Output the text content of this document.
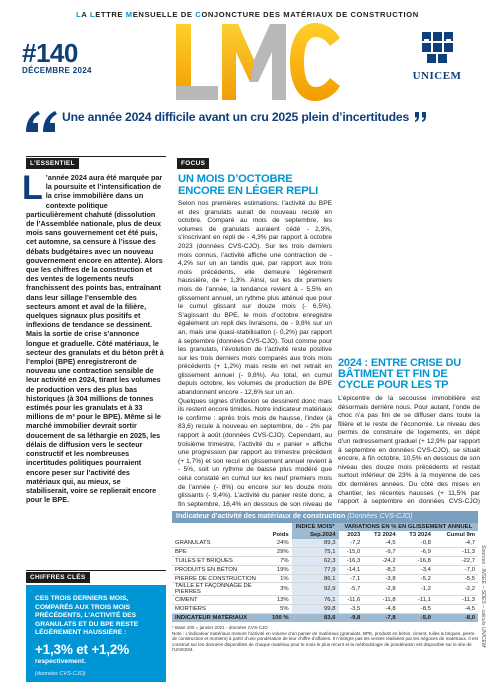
LA LETTRE MENSUELLE DE CONJONCTURE DES MATÉRIAUX DE CONSTRUCTION
#140
DÉCEMBRE 2024
LMC
UNICEM
Une année 2024 difficile avant un cru 2025 plein d’incertitudes
L’ESSENTIEL
L ’année 2024 aura été marquée par la poursuite et l’intensification de la crise immobilière dans un contexte politique particulièrement chahuté (dissolution de l’Assemblée nationale, plus de deux mois sans gouvernement cet été puis, cet automne, sa censure à l’issue des débats budgétaires avec un nouveau gouvernement encore en attente). Alors que les chiffres de la construction et des ventes de logements neufs franchissent des points bas, entraînant dans leur sillage l’ensemble des secteurs amont et aval de la filière, quelques signaux plus positifs et inflexions de tendance se dessinent. Mais la sortie de crise s’annonce longue et graduelle. Côté matériaux, le secteur des granulats et du béton prêt à l’emploi (BPE) enregistreront de nouveau une contraction sensible de leur activité en 2024, tirant les volumes de production vers des plus bas historiques (à 304 millions de tonnes estimés pour les granulats et à 33 millions de m³ pour le BPE). Même si le marché immobilier devrait sortir doucement de sa léthargie en 2025, les délais de diffusion vers le secteur constructif et les nombreuses incertitudes politiques pourraient encore peser sur l’activité des matériaux qui, au mieux, se stabiliserait, voire se replierait encore pour le BPE.
CHIFFRES CLÉS
CES TROIS DERNIERS MOIS, COMPARÉS AUX TROIS MOIS PRÉCÉDENTS, L’ACTIVITÉ DES GRANULATS ET DU BPE RESTE LÉGÈREMENT HAUSSIÈRE :
+1,3% et +1,2%
respectivement.
(données CVS-CJO)
FOCUS
UN MOIS D’OCTOBRE ENCORE EN LÉGER REPLI

Selon nos premières estimations, l’activité du BPE et des granulats aurait de nouveau reculé en octobre. Comparé au mois de septembre, les volumes de granulats auraient cédé - 2,3%, s’inscrivant en repli de - 4,3% par rapport à octobre 2023 (données CVS-CJO). Sur les trois derniers mois connus, l’activité affiche une contraction de - 4,2% sur un an tandis que, par rapport aux trois mois précédents, elle demeure légèrement haussière, de + 1,3%. Ainsi, sur les dix premiers mois de l’année, la tendance revient à - 5,5% en glissement annuel, un rythme plus atténué que pour le cumul glissant sur douze mois (- 6,5%). S’agissant du BPE, le mois d’octobre enregistre également un repli des livraisons, de - 9,8% sur un an, mais une quasi-stabilisation (- 0,2%) par rapport à septembre (données CVS-CJO). Tout comme pour les granulats, l’évolution de l’activité reste positive sur les trois derniers mois comparés aux trois mois précédents (+ 1,2%) mais reste en net retrait en glissement annuel (- 9,8%). Au total, en cumul depuis octobre, les volumes de production de BPE abandonnent encore - 12,6% sur un an.

Quelques signes d’inflexion se dessinent donc mais ils restent encore timides. Notre indicateur matériaux le confirme : après trois mois de hausse, l’index (à 83,6) recule à nouveau en septembre, de - 2% par rapport à août (données CVS-CJO). Cependant, au troisième trimestre, l’activité du « panier » affiche une progression par rapport au trimestre précédent (+ 1,7%) et son recul en glissement annuel revient à - 5%, soit un rythme de baisse plus modéré que celui constaté en cumul sur les neuf premiers mois de l’année (- 8%) ou encore sur les douze mois glissants (- 9,4%). L’activité du panier reste donc, à fin septembre, 16,4% en dessous de son niveau de

2024 : ENTRE CRISE DU BÂTIMENT ET FIN DE CYCLE POUR LES TP
L’épicentre de la secousse immobilière est désormais derrière nous. Pour autant, l’onde de choc n’a pas fini de se diffuser dans toute la filière et le reste de l’économie. Le niveau des permis de construire de logements, en dépit d’un redressement graduel (+ 12,9% par rapport à septembre en données CVS-CJO), se situait encore, à fin octobre, 10,5% en dessous de son niveau des douze mois précédents et restait surtout inférieur de 23% à la moyenne de ces dix dernières années. Du côté des mises en chantier, les récentes hausses (+ 11,5% par rapport à septembre en données CVS-CJO)
Indicateur d’activité des matériaux de construction (Données CVS-CJO)
		INDICE MOIS*	VARIATIONS EN % EN GLISSEMENT ANNUEL			
	Poids	Sep.2024	2023	T2 2024	T3 2024	Cumul 9m
GRANULATS	24%	89,3	-7,2	-4,5	-0,8	-4,7
BPE	29%	75,1	-15,0	-9,7	-6,9	-11,3
TUILES ET BRIQUES	7%	62,3	-16,3	-24,2	-16,8	-22,7
PRODUITS EN BÉTON	19%	77,9	-14,1	-8,2	-3,4	-7,0
PIERRE DE CONSTRUCTION	1%	86,1	-7,1	-3,8	-5,2	-5,5
TAILLE ET FAÇONNAGE DE PIERRES	3%	92,9	-5,7	-2,8	-1,2	-2,2
CIMENT	13%	76,1	-11,6	-11,8	-11,1	-11,3
MORTIERS	5%	99,8	-3,5	-4,8	-8,5	-4,5
INDICATEUR MATÉRIAUX	100 %	83,6	-9,8	-7,8	-5,0	-8,0
* Base 100 = janvier 2021 - données CVS-CJO
Note : L’indicateur matériaux mesure l’activité en volume d’un panier de matériaux (granulats, BPE, produits en béton, ciment, tuiles & briques, pierre de construction et mortiers) à partir d’une pondération de leur chiffre d’affaires. Il n’intègre pas les ventes réalisées par les négoces de matériaux. Il est construit sur les données disponibles de chaque matériau pour le mois le plus récent et la méthodologie de pondération est disponible sur le site de l’UNICEM.
Sources : INSEE – SDES – calculs UNICEM
